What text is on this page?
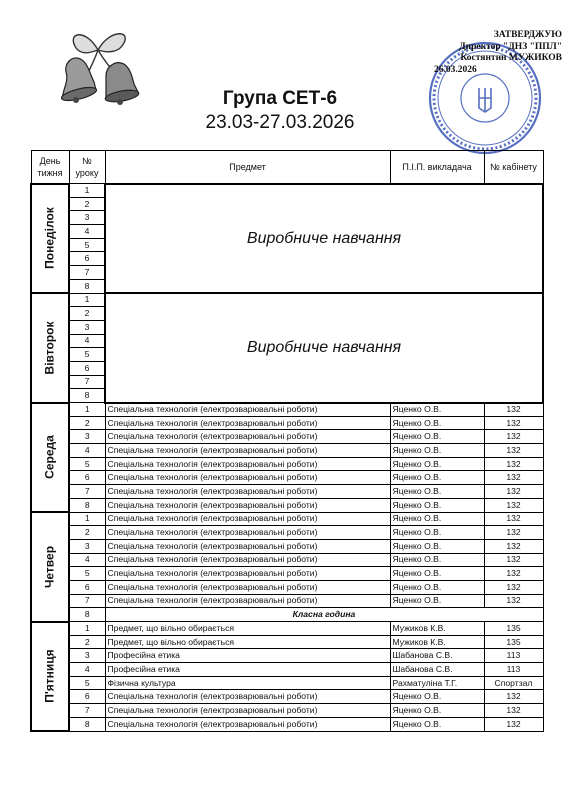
ЗАТВЕРДЖУЮ
Директор "ДНЗ "ППЛ"
Костянтин МУЖИКОВ
26.03.2026
Група СЕТ-6
23.03-27.03.2026
День тижня	№ уроку	Предмет	П.І.П. викладача	№ кабінету

Понеділок	1	Виробниче навчання		
	2			
	3			
	4			
	5			
	6			
	7			
	8			

Вівторок	1	Виробниче навчання		
	2			
	3			
	4			
	5			
	6			
	7			
	8			

Середа	1	Спеціальна технологія (електрозварювальні роботи)	Яценко О.В.	132
	2	Спеціальна технологія (електрозварювальні роботи)	Яценко О.В.	132
	3	Спеціальна технологія (електрозварювальні роботи)	Яценко О.В.	132
	4	Спеціальна технологія (електрозварювальні роботи)	Яценко О.В.	132
	5	Спеціальна технологія (електрозварювальні роботи)	Яценко О.В.	132
	6	Спеціальна технологія (електрозварювальні роботи)	Яценко О.В.	132
	7	Спеціальна технологія (електрозварювальні роботи)	Яценко О.В.	132
	8	Спеціальна технологія (електрозварювальні роботи)	Яценко О.В.	132

Четвер	1	Спеціальна технологія (електрозварювальні роботи)	Яценко О.В.	132
	2	Спеціальна технологія (електрозварювальні роботи)	Яценко О.В.	132
	3	Спеціальна технологія (електрозварювальні роботи)	Яценко О.В.	132
	4	Спеціальна технологія (електрозварювальні роботи)	Яценко О.В.	132
	5	Спеціальна технологія (електрозварювальні роботи)	Яценко О.В.	132
	6	Спеціальна технологія (електрозварювальні роботи)	Яценко О.В.	132
	7	Спеціальна технологія (електрозварювальні роботи)	Яценко О.В.	132
	8	Класна година		

П'ятниця	1	Предмет, що вільно обирається	Мужиков К.В.	135
	2	Предмет, що вільно обирається	Мужиков К.В.	135
	3	Професійна етика	Шабанова С.В.	113
	4	Професійна етика	Шабанова С.В.	113
	5	Фізична культура	Рахматуліна Т.Г.	Спортзал
	6	Спеціальна технологія (електрозварювальні роботи)	Яценко О.В.	132
	7	Спеціальна технологія (електрозварювальні роботи)	Яценко О.В.	132
	8	Спеціальна технологія (електрозварювальні роботи)	Яценко О.В.	132
